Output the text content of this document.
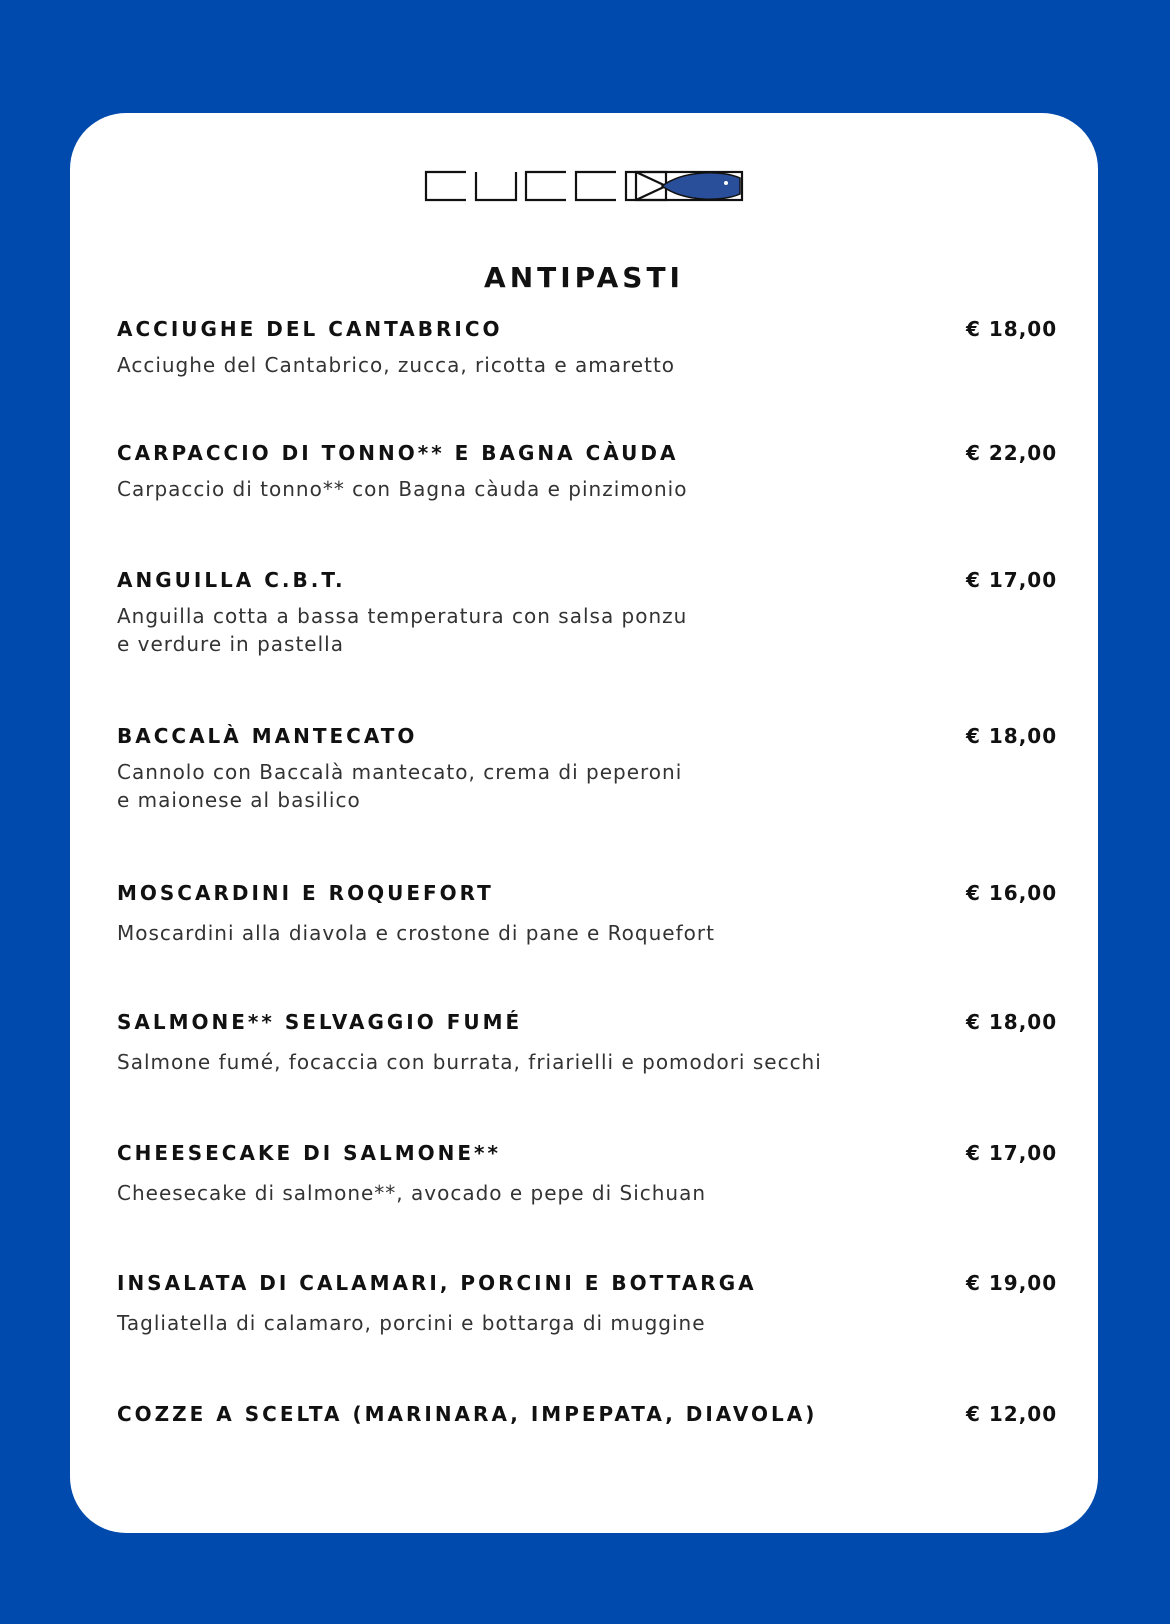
ANTIPASTI
ACCIUGHE DEL CANTABRICO	€ 18,00
Acciughe del Cantabrico, zucca, ricotta e amaretto
CARPACCIO DI TONNO** E BAGNA CÀUDA	€ 22,00
Carpaccio di tonno** con Bagna càuda e pinzimonio
ANGUILLA C.B.T.	€ 17,00
Anguilla cotta a bassa temperatura con salsa ponzu
e verdure in pastella
BACCALÀ MANTECATO	€ 18,00
Cannolo con Baccalà mantecato, crema di peperoni
e maionese al basilico
MOSCARDINI E ROQUEFORT	€ 16,00
Moscardini alla diavola e crostone di pane e Roquefort
SALMONE** SELVAGGIO FUMÉ	€ 18,00
Salmone fumé, focaccia con burrata, friarielli e pomodori secchi
CHEESECAKE DI SALMONE**	€ 17,00
Cheesecake di salmone**, avocado e pepe di Sichuan
INSALATA DI CALAMARI, PORCINI E BOTTARGA	€ 19,00
Tagliatella di calamaro, porcini e bottarga di muggine
COZZE A SCELTA (MARINARA, IMPEPATA, DIAVOLA)	€ 12,00
